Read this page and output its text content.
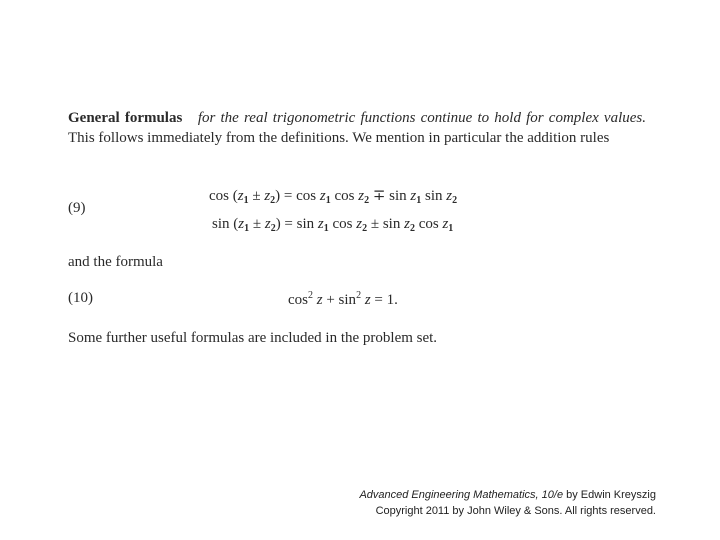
General formulas for the real trigonometric functions continue to hold for complex values. This follows immediately from the definitions. We mention in particular the addition rules
(9)
$\cos (z_1 \pm z_2) = \cos z_1$ $\cos z_2 \mp \sin z_1$ $\sin z_2$
$\sin (z_1 \pm z_2) = \sin z_1$ $\cos z_2 \pm \sin z_2$ $\cos z_1$
and the formula
(10)	$\cos^2 z + \sin^2 z = 1$.
Some further useful formulas are included in the problem set.
Advanced Engineering Mathematics, 10/e by Edwin Kreyszig
Copyright 2011 by John Wiley & Sons. All rights reserved.
